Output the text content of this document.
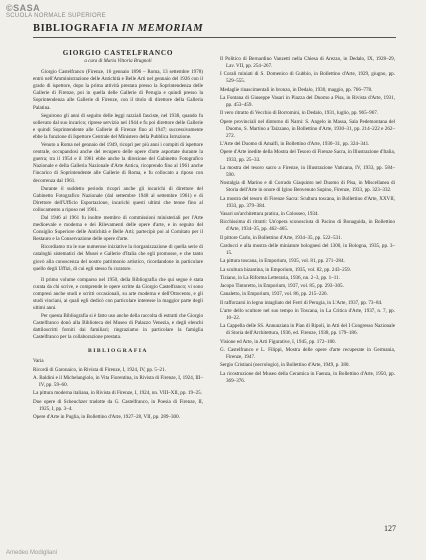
©SASA
SCUOLA NORMALE SUPERIORE
BIBLIOGRAFIA IN MEMORIAM
GIORGIO CASTELFRANCO
a cura di Maria Vittoria Brugnoli

Giorgio Castelfranco (Firenze, 16 gennaio 1896 – Roma, 13 settembre 1978) entrò nell'Amministrazione delle Antichità e Belle Arti nel gennaio del 1926 con il grado di ispettore, dopo la prima attività prestata presso la Soprintendenza delle Gallerie di Firenze, poi in quella delle Gallerie di Perugia e quindi presso la Soprintendenza alle Gallerie di Firenze, con il titolo di direttore della Galleria Palatina.

Seguirono gli anni di seguito delle leggi razziali fasciste, nel 1938, quando fu sollevato dal suo incarico; riprese servizio nel 1944 e fu poi direttore delle Gallerie e quindi Soprintendente alle Gallerie di Firenze fino al 1947; successivamente ebbe la funzione di Ispettore Centrale del Ministero della Pubblica Istruzione.

Venuto a Roma nel gennaio del 1949, ricoprì per più anni i compiti di ispettore centrale, occupandosi anche del recupero delle opere d'arte asportate durante la guerra; tra il 1954 e il 1961 ebbe anche la direzione del Gabinetto Fotografico Nazionale e della Galleria Nazionale d'Arte Antica, ricoprendo fino al 1961 anche l'incarico di Soprintendente alle Gallerie di Roma, e fu collocato a riposo con decorrenza dal 1961.

Durante il suddetto periodo ricoprì anche gli incarichi di direttore del Gabinetto Fotografico Nazionale (dal settembre 1948 al settembre 1961) e di Direttore dell'Ufficio Esportazione, incarichi questi ultimi che tenne fino al collocamento a riposo nel 1961.

Dal 1946 al 1961 fu inoltre membro di commissioni ministeriali per l'Arte medioevale e moderna e dei Rilevamenti delle opere d'arte, e in seguito del Consiglio Superiore delle Antichità e Belle Arti; partecipò poi al Comitato per il Restauro e la Conservazione delle opere d'arte.

Ricordiamo tra le sue numerose iniziative la riorganizzazione di quella serie di cataloghi sistematici dei Musei e Gallerie d'Italia che egli promosse, e che tanto giovò alla conoscenza del nostro patrimonio artistico, ricordandone in particolare quello degli Uffizi, di cui egli stesso fu curatore.

Il primo volume comparso nel 1950, della Bibliografia che qui segue è stata curata da chi scrive, e comprende le opere scritte da Giorgio Castelfranco; vi sono compresi anche studi e scritti occasionali, su arte moderna e dell'Ottocento, e gli studi vinciani, ai quali egli dedicò con particolare interesse la maggior parte degli ultimi anni.

Per questa Bibliografia si è fatto uso anche della raccolta di estratti che Giorgio Castelfranco donò alla Biblioteca del Museo di Palazzo Venezia, e degli elenchi dattiloscritti forniti dai familiari; ringraziamo in particolare la famiglia Castelfranco per la collaborazione prestata.

BIBLIOGRAFIA
Varia

Ricordi di Garonaico, in Rivista di Firenze, I, 1924, IV, pp. 5–21.

A. Baldini e il Michelangiolo, in Vita Fiorentina, in Rivista di Firenze, I, 1924, III–IV, pp. 59–60.

La pittura moderna italiana, in Rivista di Firenze, I, 1924, nn. VIII–XII, pp. 19–25.

Due opere di Scheuchzer tradotte da G. Castelfranco, in Poesia di Firenze, II, 1925, I, pp. 3–4.

Opere d'Arte in Puglia, in Bollettino d'Arte, 1927–28, VII, pp. 289–300.

Il Politico di Bernardino Vanzetti nella Chiesa di Arezzo, in Dedalo, IX, 1928–29, Lav. VII, pp. 254–267.

I Corali miniati di S. Domenico di Gubbio, in Bollettino d'Arte, 1929, giugno, pp. 529–555.

Medaglie rinascimentali in bronzo, in Dedalo, 1930, maggio, pp. 766–778.

La Fontana di Giuseppe Vasari in Piazza del Duomo a Pisa, in Rivista d'Arte, 1931, pp. 453–459.

Il vero ritratto di Vecchio di Borromini, in Dedalo, 1931, luglio, pp. 965–967.

Opere provinciali nel dintorno di Narni: S. Angelo in Massa, Sala Pedemontana del Duomo, S. Martino a Taizzano, in Bollettino d'Arte, 1930–31, pp. 214–222 e 262–272.

L'Arte del Duomo di Amalfi, in Bollettino d'Arte, 1930–31, pp. 324–341.

Opere d'Arte inedite della Mostra del Tesoro di Firenze Sacra, in Illustrazione d'Italia, 1933, pp. 25–33.

La mostra del tesoro sacro a Firenze, in Illustrazione Vaticana, IV, 1933, pp. 584–590.

Nostalgia di Marino e di Corrado Giaquinto nel Duomo di Pisa, in Miscellanea di Storia dell'Arte in onore di Igino Benvenuto Supino, Firenze, 1933, pp. 323–332.

La mostra del tesoro di Firenze Sacra: Scultura toscana, in Bollettino d'Arte, XXVII, 1933, pp. 379–384.

Vasari un'architettura pratica, in Colosseo, 1934.

Ricchissima di ritratti: Un'opera sconosciuta di Pacino di Bonaguida, in Bollettino d'Arte, 1934–35, pp. 462–465.

Il pittore Carlo, in Bollettino d'Arte, 1934–35, pp. 522–531.

Carducci e alla mostra delle miniature bolognesi del 1300, in Bologna, 1935, pp. 3–15.

La pittura toscana, in Emporium, 1935, vol. 81, pp. 271–284.

La scultura bizantina, in Emporium, 1935, vol. 82, pp. 243–259.

Tiziano, in La Riforma Letteraria, 1936, nn. 2–3, pp. 1–11.

Jacopo Tintoretto, in Emporium, 1937, vol. 85, pp. 293–305.

Canaletto, in Emporium, 1937, vol. 86, pp. 215–226.

Il rafforzarsi in legno intagliato del Ferri di Perugia, in L'Arte, 1937, pp. 73–84.

L'arte dello scultore nel suo tempo in Toscana, in La Critica d'Arte, 1937, n. 7, pp. 10–22.

La Cappella delle SS. Annunziata in Pian di Ripoli, in Atti del I Congresso Nazionale di Storia dell'Architettura, 1936, ed. Firenze, 1938, pp. 179–186.

Visione ed Arte, in Arti Figurative, I, 1945, pp. 172–180.

G. Castelfranco e L. Filippi, Mostra delle opere d'arte recuperate in Germania, Firenze, 1947.

Sergio Cristiani (necrologio), in Bollettino d'Arte, 1949, p. 380.

La ricostruzione del Museo della Ceramica in Faenza, in Bollettino d'Arte, 1950, pp. 369–376.

127
Amedeo Modigliani
